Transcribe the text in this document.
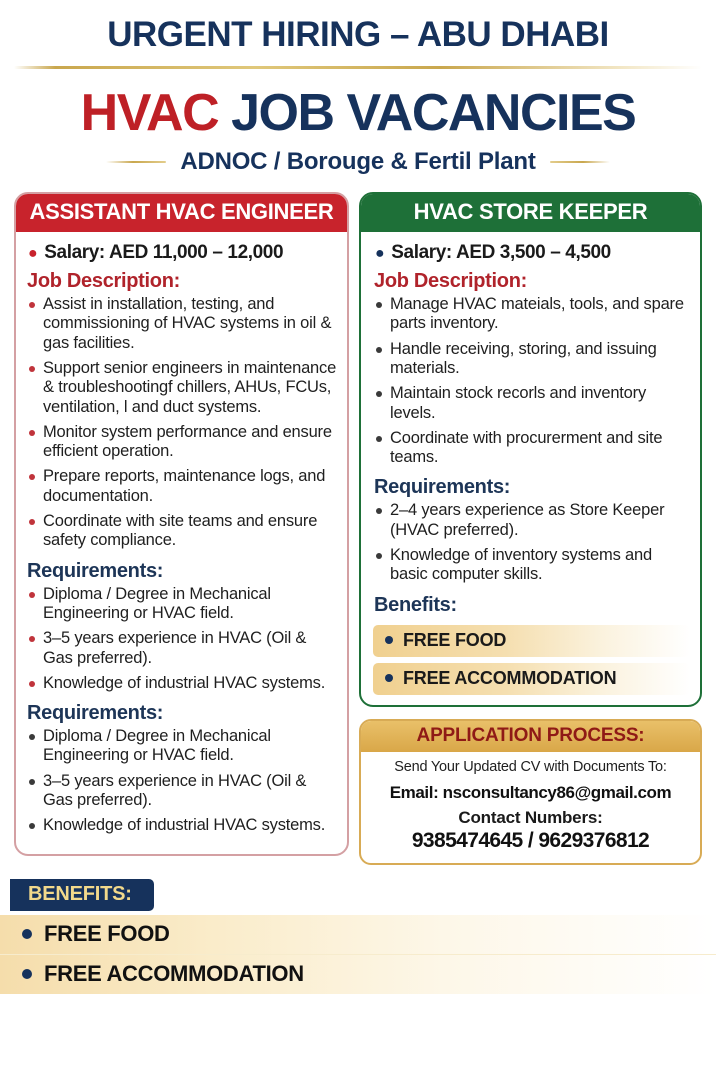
URGENT HIRING – ABU DHABI
HVAC JOB VACANCIES
ADNOC / Borouge & Fertil Plant
ASSISTANT HVAC ENGINEER
● Salary: AED 11,000 – 12,000
Job Description:
Assist in installation, testing, and commissioning of HVAC systems in oil & gas facilities.
Support senior engineers in maintenance & troubleshootingf chillers, AHUs, FCUs, ventilation, l and duct systems.
Monitor system performance and ensure efficient operation.
Prepare reports, maintenance logs, and documentation.
Coordinate with site teams and ensure safety compliance.
Requirements:
Diploma / Degree in Mechanical Engineering or HVAC field.
3–5 years experience in HVAC (Oil & Gas preferred).
Knowledge of industrial HVAC systems.
Requirements:
Diploma / Degree in Mechanical Engineering or HVAC field.
3–5 years experience in HVAC (Oil & Gas preferred).
Knowledge of industrial HVAC systems.
HVAC STORE KEEPER
● Salary: AED 3,500 – 4,500
Job Description:
Manage HVAC mateials, tools, and spare parts inventory.
Handle receiving, storing, and issuing materials.
Maintain stock recorls and inventory levels.
Coordinate with procurerment and site teams.
Requirements:
2–4 years experience as Store Keeper (HVAC preferred).
Knowledge of inventory systems and basic computer skills.
Benefits:
FREE FOOD
FREE ACCOMMODATION
APPLICATION PROCESS:
Send Your Updated CV with Documents To:
Email: nsconsultancy86@gmail.com
Contact Numbers:
9385474645 / 9629376812
BENEFITS:
FREE FOOD
FREE ACCOMMODATION
